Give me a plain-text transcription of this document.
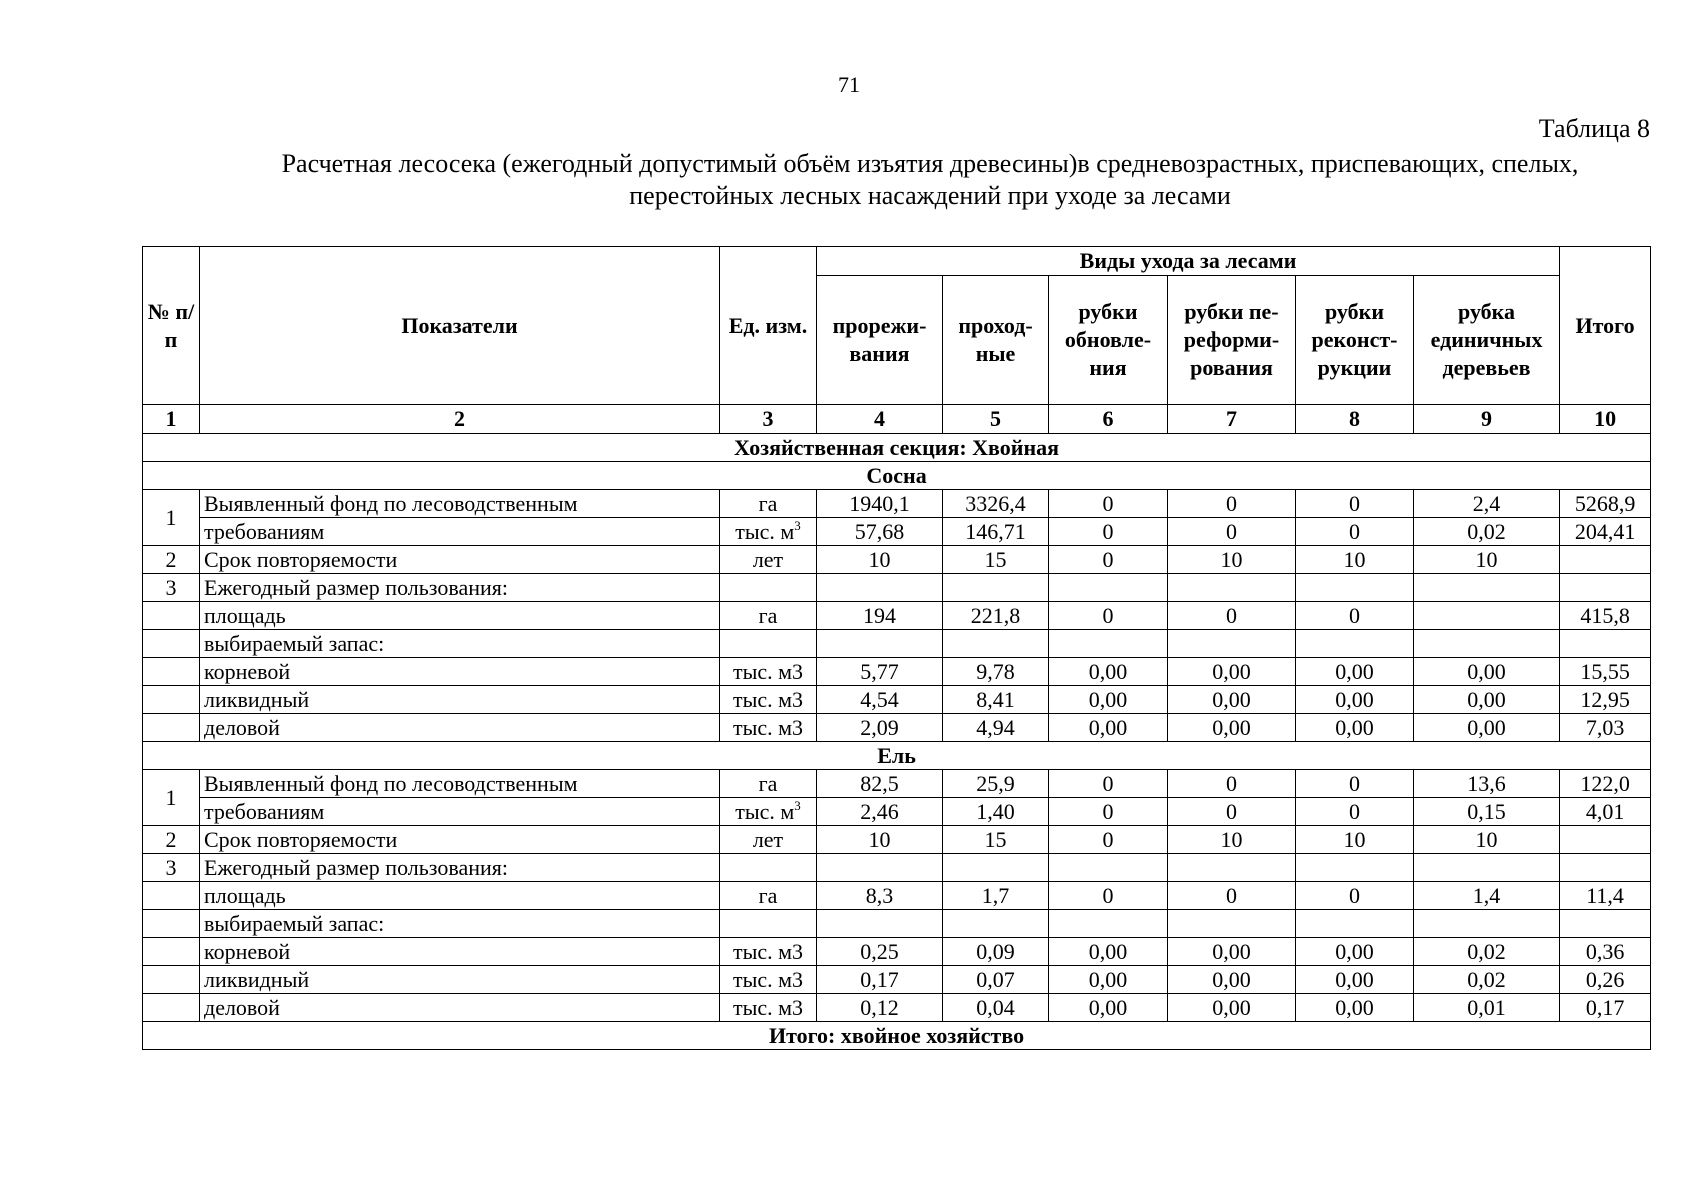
71
Таблица 8
Расчетная лесосека (ежегодный допустимый объём изъятия древесины)в средневозрастных, приспевающих, спелых,
перестойных лесных насаждений при уходе за лесами
№ п/п	Показатели	Ед. изм.	Виды ухода за лесами						Итого
			прорежи-вания	проход-ные	рубки обновле-ния	рубки пе-реформи-рования	рубки реконст-рукции	рубка единичных деревьев	
1	2	3	4	5	6	7	8	9	10
Хозяйственная секция: Хвойная									
Сосна									
1	Выявленный фонд по лесоводственным	га	1940,1	3326,4	0	0	0	2,4	5268,9
	требованиям	тыс. $м^3$	57,68	146,71	0	0	0	0,02	204,41
2	Срок повторяемости	лет	10	15	0	10	10	10	
3	Ежегодный размер пользования:								
	площадь	га	194	221,8	0	0	0		415,8
	выбираемый запас:								
	корневой	тыс. м3	5,77	9,78	0,00	0,00	0,00	0,00	15,55
	ликвидный	тыс. м3	4,54	8,41	0,00	0,00	0,00	0,00	12,95
	деловой	тыс. м3	2,09	4,94	0,00	0,00	0,00	0,00	7,03
Ель									
1	Выявленный фонд по лесоводственным	га	82,5	25,9	0	0	0	13,6	122,0
	требованиям	тыс. $м^3$	2,46	1,40	0	0	0	0,15	4,01
2	Срок повторяемости	лет	10	15	0	10	10	10	
3	Ежегодный размер пользования:								
	площадь	га	8,3	1,7	0	0	0	1,4	11,4
	выбираемый запас:								
	корневой	тыс. м3	0,25	0,09	0,00	0,00	0,00	0,02	0,36
	ликвидный	тыс. м3	0,17	0,07	0,00	0,00	0,00	0,02	0,26
	деловой	тыс. м3	0,12	0,04	0,00	0,00	0,00	0,01	0,17
Итого: хвойное хозяйство									
